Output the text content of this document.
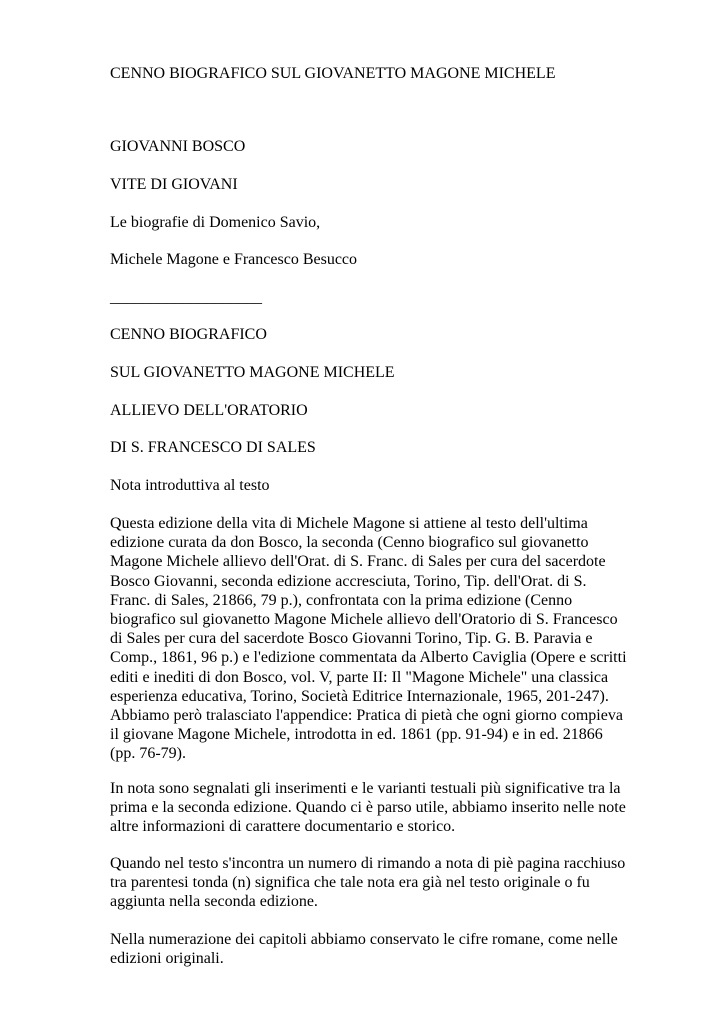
CENNO BIOGRAFICO SUL GIOVANETTO MAGONE MICHELE
GIOVANNI BOSCO
VITE DI GIOVANI
Le biografie di Domenico Savio,
Michele Magone e Francesco Besucco
___________________
CENNO BIOGRAFICO
SUL GIOVANETTO MAGONE MICHELE
ALLIEVO DELL'ORATORIO
DI S. FRANCESCO DI SALES
Nota introduttiva al testo
Questa edizione della vita di Michele Magone si attiene al testo dell'ultima edizione curata da don Bosco, la seconda (Cenno biografico sul giovanetto Magone Michele allievo dell'Orat. di S. Franc. di Sales per cura del sacerdote Bosco Giovanni, seconda edizione accresciuta, Torino, Tip. dell'Orat. di S. Franc. di Sales, 21866, 79 p.), confrontata con la prima edizione (Cenno biografico sul giovanetto Magone Michele allievo dell'Oratorio di S. Francesco di Sales per cura del sacerdote Bosco Giovanni Torino, Tip. G. B. Paravia e Comp., 1861, 96 p.) e l'edizione commentata da Alberto Caviglia (Opere e scritti editi e inediti di don Bosco, vol. V, parte II: Il "Magone Michele" una classica esperienza educativa, Torino, Società Editrice Internazionale, 1965, 201-247). Abbiamo però tralasciato l'appendice: Pratica di pietà che ogni giorno compieva il giovane Magone Michele, introdotta in ed. 1861 (pp. 91-94) e in ed. 21866 (pp. 76-79).
In nota sono segnalati gli inserimenti e le varianti testuali più significative tra la prima e la seconda edizione. Quando ci è parso utile, abbiamo inserito nelle note altre informazioni di carattere documentario e storico.
Quando nel testo s'incontra un numero di rimando a nota di piè pagina racchiuso tra parentesi tonda (n) significa che tale nota era già nel testo originale o fu aggiunta nella seconda edizione.
Nella numerazione dei capitoli abbiamo conservato le cifre romane, come nelle edizioni originali.
